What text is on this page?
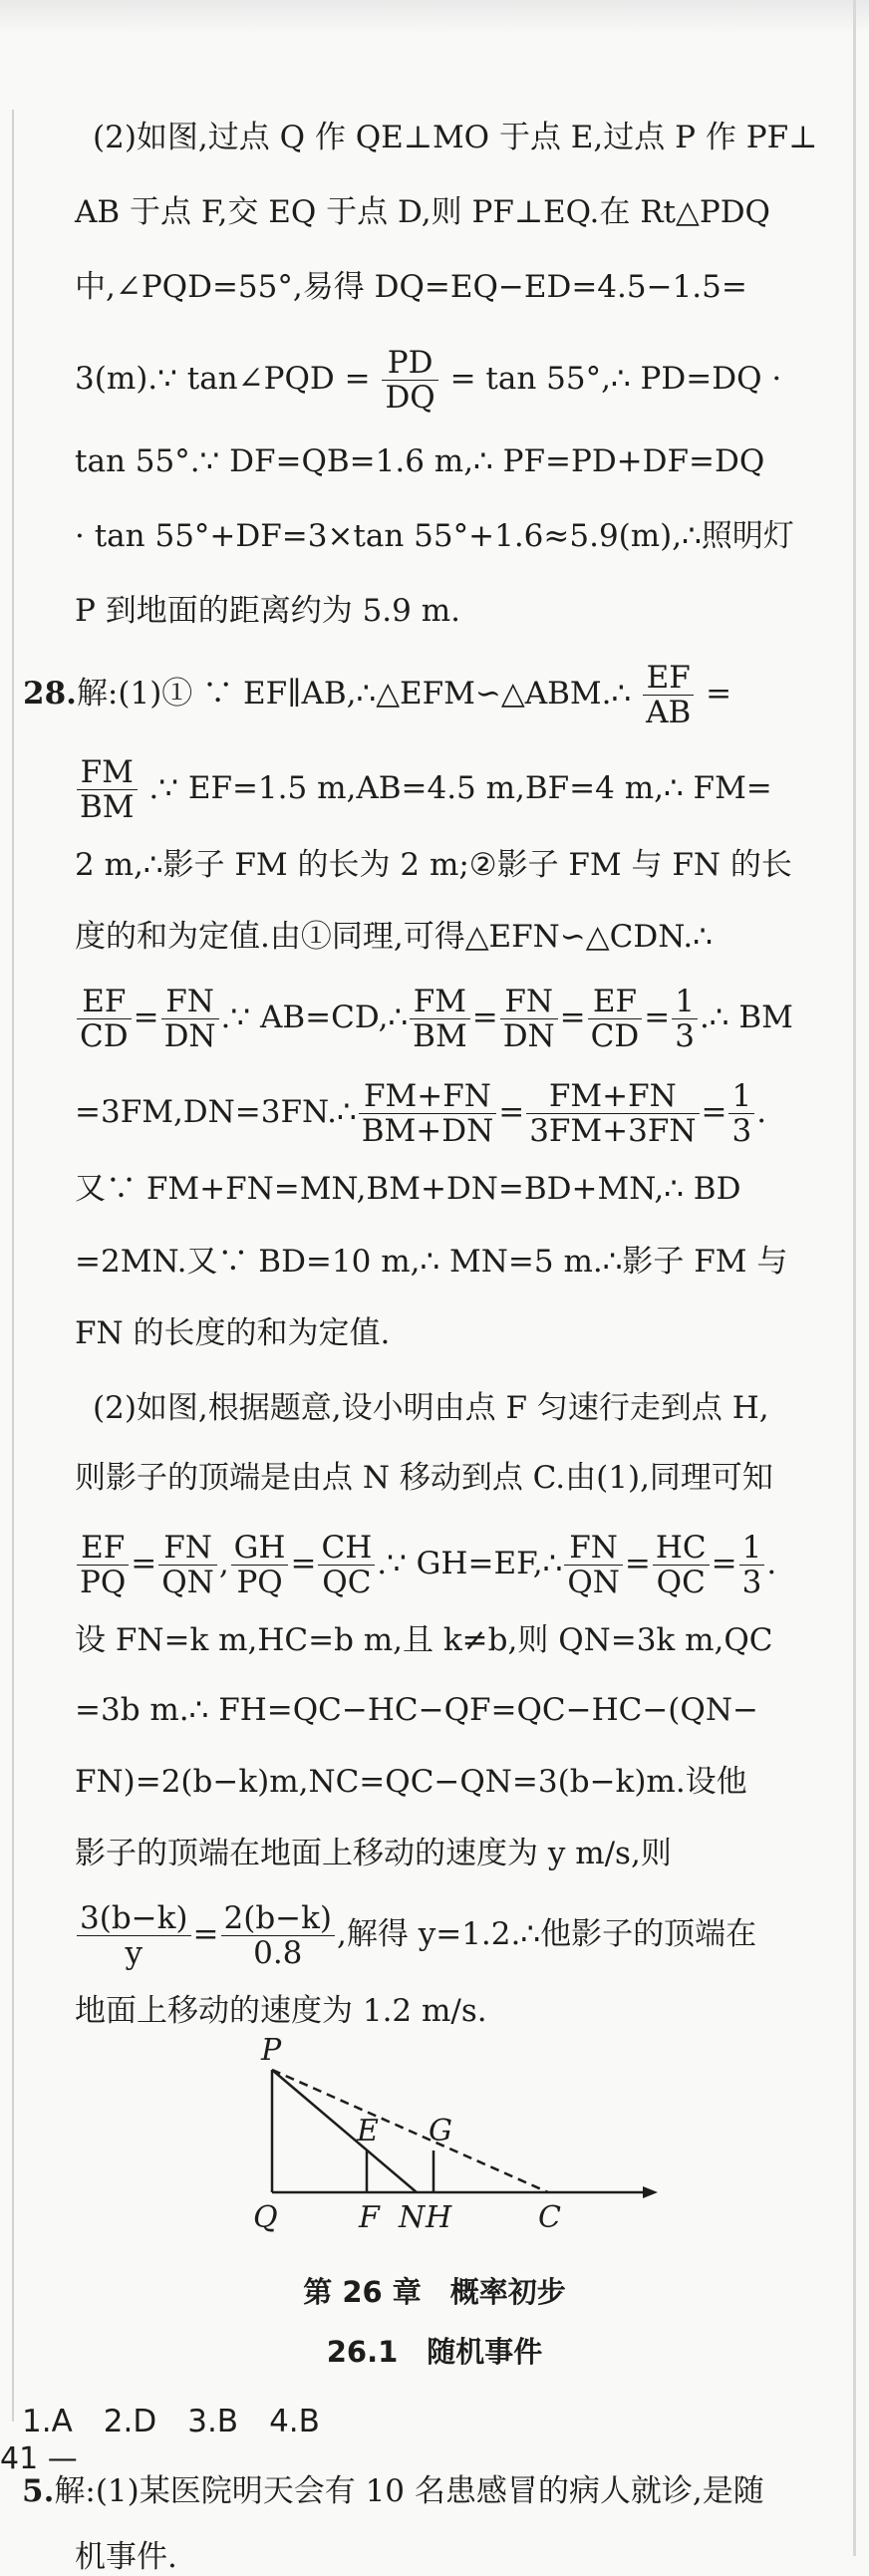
(2)如图,过点 Q 作 QE⊥MO 于点 E,过点 P 作 PF⊥
AB 于点 F,交 EQ 于点 D,则 PF⊥EQ.在 Rt△PDQ
中,∠PQD=55°,易得 DQ=EQ−ED=4.5−1.5=
3(m).∵ tan∠PQD = $\frac{PD}{DQ} = \tan$ 55°,∴ PD=DQ ·
tan 55°.∵ DF=QB=1.6 m,∴ PF=PD+DF=DQ
· tan 55°+DF=3×tan 55°+1.6≈5.9(m),∴照明灯
P 到地面的距离约为 5.9 m.
28.解:(1)① ∵ EF∥AB,∴△EFM∽△ABM.∴ $\frac{EF}{AB}$ =
$\frac{FM}{BM}$ .∵ EF=1.5 m,AB=4.5 m,BF=4 m,∴ FM=
2 m,∴影子 FM 的长为 2 m;②影子 FM 与 FN 的长
度的和为定值.由①同理,可得△EFN∽△CDN.∴
$\frac{EF}{CD} = \frac{FN}{DN}$ .∵ AB=CD,∴ $\frac{FM}{BM} = \frac{FN}{DN} = \frac{EF}{CD} = \frac{1}{3}$ .∴ BM
=3FM,DN=3FN.∴ $\frac{FM+FN}{BM+DN} = \frac{FM+FN}{3FM+3FN} = \frac{1}{3}$ .
又∵ FM+FN=MN,BM+DN=BD+MN,∴ BD
=2MN.又∵ BD=10 m,∴ MN=5 m.∴影子 FM 与
FN 的长度的和为定值.
(2)如图,根据题意,设小明由点 F 匀速行走到点 H,
则影子的顶端是由点 N 移动到点 C.由(1),同理可知
$\frac{EF}{PQ} = \frac{FN}{QN}$ , $\frac{GH}{PQ} = \frac{CH}{QC}$ .∵ GH=EF,∴ $\frac{FN}{QN} = \frac{HC}{QC} = \frac{1}{3}$ .
设 FN=k m,HC=b m,且 k≠b,则 QN=3k m,QC
=3b m.∴ FH=QC−HC−QF=QC−HC−(QN−
FN)=2(b−k)m,NC=QC−QN=3(b−k)m.设他
影子的顶端在地面上移动的速度为 y m/s,则
$\frac{3(b-k)}{y} = \frac{2(b-k)}{0.8}$ ,解得 y=1.2.∴他影子的顶端在
地面上移动的速度为 1.2 m/s.
P
E G
Q	F N H	C
第 26 章　概率初步
26.1　随机事件
1.A　2.D　3.B　4.B
5.解:(1)某医院明天会有 10 名患感冒的病人就诊,是随
机事件.
41 —
